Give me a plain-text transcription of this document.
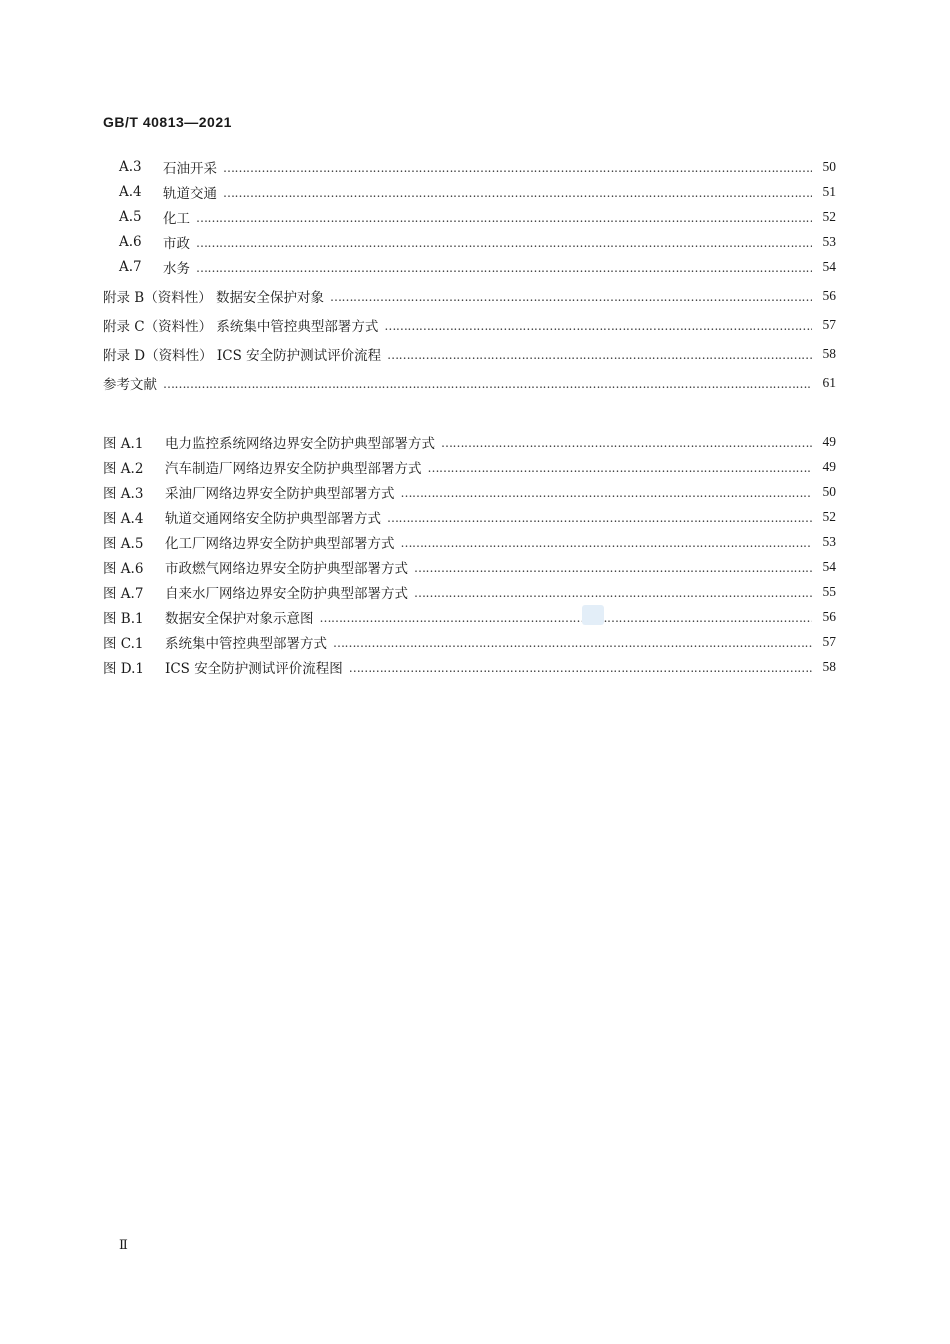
GB/T 40813—2021
A.3	石油开采 …………………………………………………………………………………………………………………………………………………………………………………………………………………………………………………………………………………………	50
A.4	轨道交通 …………………………………………………………………………………………………………………………………………………………………………………………………………………………………………………………………………………………	51
A.5	化工 …………………………………………………………………………………………………………………………………………………………………………………………………………………………………………………………………………………………	52
A.6	市政 …………………………………………………………………………………………………………………………………………………………………………………………………………………………………………………………………………………………	53
A.7	水务 …………………………………………………………………………………………………………………………………………………………………………………………………………………………………………………………………………………………	54
附录 B（资料性） 数据安全保护对象 …………………………………………………………………………………………………………………………………………………………………………………………………………………………………………………………………………………………	56
附录 C（资料性） 系统集中管控典型部署方式 …………………………………………………………………………………………………………………………………………………………………………………………………………………………………………………………………………………………	57
附录 D（资料性） ICS 安全防护测试评价流程 …………………………………………………………………………………………………………………………………………………………………………………………………………………………………………………………………………………………	58
参考文献 …………………………………………………………………………………………………………………………………………………………………………………………………………………………………………………………………………………………	61
图 A.1	电力监控系统网络边界安全防护典型部署方式 …………………………………………………………………………………………………………………………………………………………………………………………………………………………………………………………………………………………	49
图 A.2	汽车制造厂网络边界安全防护典型部署方式 …………………………………………………………………………………………………………………………………………………………………………………………………………………………………………………………………………………………	49
图 A.3	采油厂网络边界安全防护典型部署方式 …………………………………………………………………………………………………………………………………………………………………………………………………………………………………………………………………………………………	50
图 A.4	轨道交通网络安全防护典型部署方式 …………………………………………………………………………………………………………………………………………………………………………………………………………………………………………………………………………………………	52
图 A.5	化工厂网络边界安全防护典型部署方式 …………………………………………………………………………………………………………………………………………………………………………………………………………………………………………………………………………………………	53
图 A.6	市政燃气网络边界安全防护典型部署方式 …………………………………………………………………………………………………………………………………………………………………………………………………………………………………………………………………………………………	54
图 A.7	自来水厂网络边界安全防护典型部署方式 …………………………………………………………………………………………………………………………………………………………………………………………………………………………………………………………………………………………	55
图 B.1	数据安全保护对象示意图 …………………………………………………………………………………………………………………………………………………………………………………………………………………………………………………………………………………………	56
图 C.1	系统集中管控典型部署方式 …………………………………………………………………………………………………………………………………………………………………………………………………………………………………………………………………………………………	57
图 D.1	ICS 安全防护测试评价流程图 …………………………………………………………………………………………………………………………………………………………………………………………………………………………………………………………………………………………	58
Ⅱ
